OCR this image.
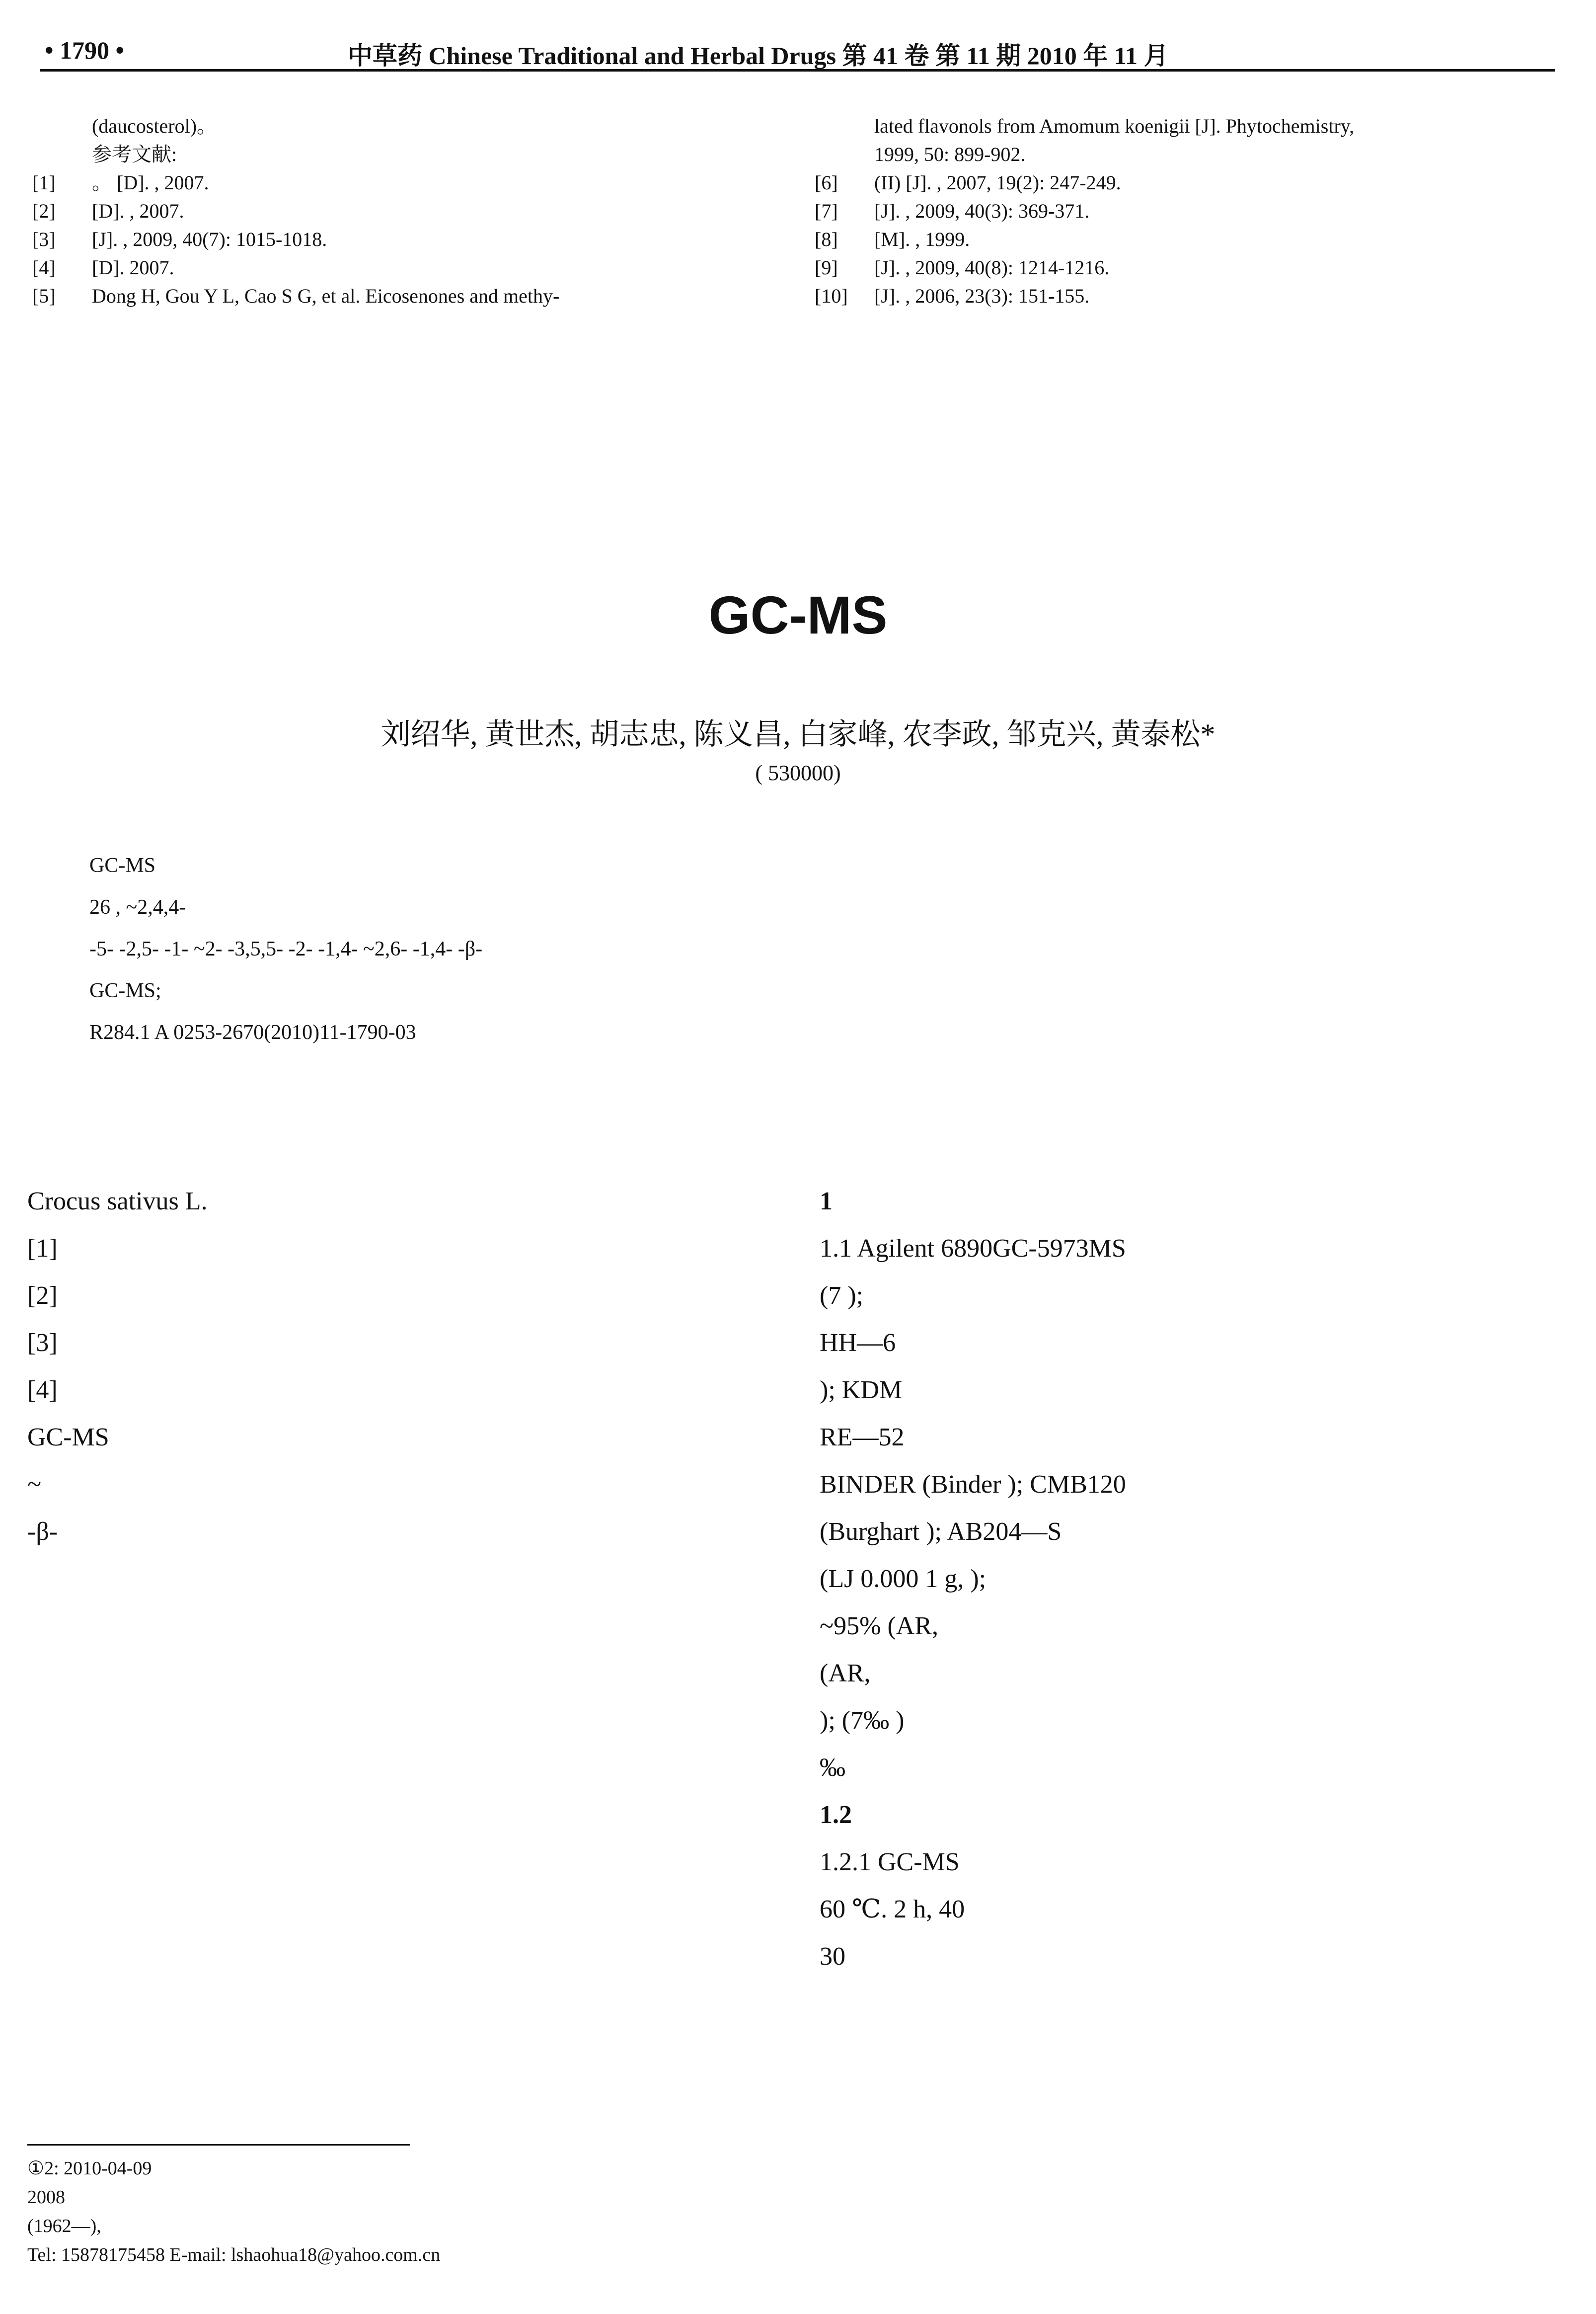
• 1790 •	中草药 Chinese Traditional and Herbal Drugs 第 41 卷 第 11 期 2010 年 11 月
(daucosterol)。
参考文献:
[1] 。 [D]. , 2007.
[2] [D]. , 2007.
[3] [J]. , 2009, 40(7): 1015-1018.
[4] [D]. 2007.
[5] Dong H, Gou Y L, Cao S G, et al. Eicosenones and methy-
lated flavonols from Amomum koenigii [J]. Phytochemistry,
1999, 50: 899-902.
[6] (II) [J]. , 2007, 19(2): 247-249.
[7] [J]. , 2009, 40(3): 369-371.
[8] [M]. , 1999.
[9] [J]. , 2009, 40(8): 1214-1216.
[10] [J]. , 2006, 23(3): 151-155.
GC-MS
刘绍华, 黄世杰, 胡志忠, 陈义昌, 白家峰, 农李政, 邹克兴, 黄泰松*
( 530000)
GC-MS
26 , ~2,4,4-
-5- -2,5- -1- ~2- -3,5,5- -2- -1,4- ~2,6- -1,4- -β-
GC-MS;
R284.1 A 0253-2670(2010)11-1790-03
Crocus sativus L.
[1]
[2]
[3]
[4]
GC-MS
~
-β-
1
1.1 Agilent 6890GC-5973MS
(7 );
HH—6
); KDM
RE—52
BINDER (Binder ); CMB120
(Burghart ); AB204—S
(LJ 0.000 1 g, );
~95% (AR,
(AR,
); (7‰ )
‰
1.2
1.2.1 GC-MS
60 ℃. 2 h, 40
30
①2: 2010-04-09
2008
(1962—),
Tel: 15878175458 E-mail: lshaohua18@yahoo.com.cn
